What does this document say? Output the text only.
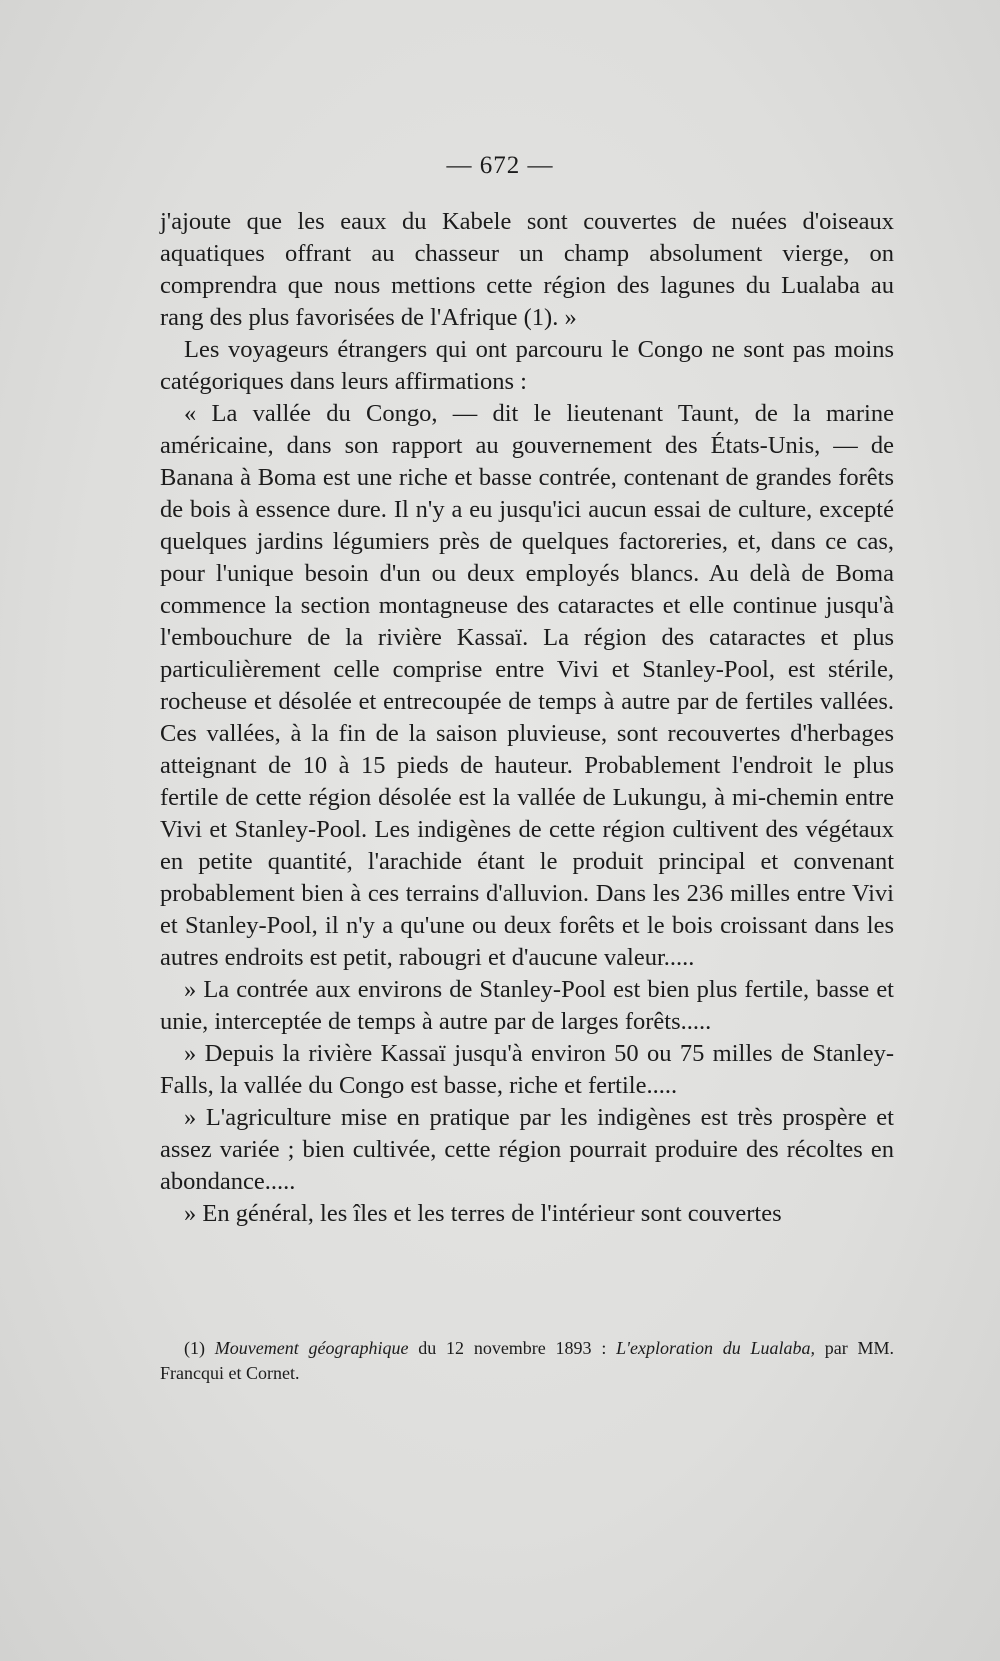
— 672 —

j'ajoute que les eaux du Kabele sont couvertes de nuées d'oiseaux aquatiques offrant au chasseur un champ absolument vierge, on comprendra que nous mettions cette région des lagunes du Lualaba au rang des plus favorisées de l'Afrique (1). »

Les voyageurs étrangers qui ont parcouru le Congo ne sont pas moins catégoriques dans leurs affirmations :

« La vallée du Congo, — dit le lieutenant Taunt, de la marine américaine, dans son rapport au gouvernement des États-Unis, — de Banana à Boma est une riche et basse contrée, contenant de grandes forêts de bois à essence dure. Il n'y a eu jusqu'ici aucun essai de culture, excepté quelques jardins légumiers près de quelques factoreries, et, dans ce cas, pour l'unique besoin d'un ou deux employés blancs. Au delà de Boma commence la section montagneuse des cataractes et elle continue jusqu'à l'embouchure de la rivière Kassaï. La région des cataractes et plus particulièrement celle comprise entre Vivi et Stanley-Pool, est stérile, rocheuse et désolée et entrecoupée de temps à autre par de fertiles vallées. Ces vallées, à la fin de la saison pluvieuse, sont recouvertes d'herbages atteignant de 10 à 15 pieds de hauteur. Probablement l'endroit le plus fertile de cette région désolée est la vallée de Lukungu, à mi-chemin entre Vivi et Stanley-Pool. Les indigènes de cette région cultivent des végétaux en petite quantité, l'arachide étant le produit principal et convenant probablement bien à ces terrains d'alluvion. Dans les 236 milles entre Vivi et Stanley-Pool, il n'y a qu'une ou deux forêts et le bois croissant dans les autres endroits est petit, rabougri et d'aucune valeur.....

» La contrée aux environs de Stanley-Pool est bien plus fertile, basse et unie, interceptée de temps à autre par de larges forêts.....

» Depuis la rivière Kassaï jusqu'à environ 50 ou 75 milles de Stanley-Falls, la vallée du Congo est basse, riche et fertile.....

» L'agriculture mise en pratique par les indigènes est très prospère et assez variée ; bien cultivée, cette région pourrait produire des récoltes en abondance.....

» En général, les îles et les terres de l'intérieur sont couvertes

(1) Mouvement géographique du 12 novembre 1893 : L'exploration du Lualaba, par MM. Francqui et Cornet.
